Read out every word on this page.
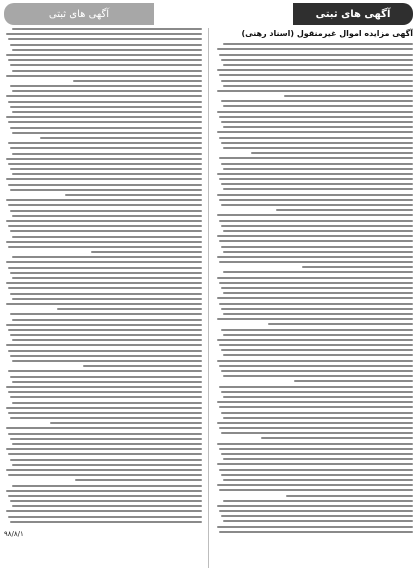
آگهی های ثبتی	آگهی های ثبتی
آگهی مزایده اموال غیرمنقول (اسناد رهنی)
۹۸/۸/۱
